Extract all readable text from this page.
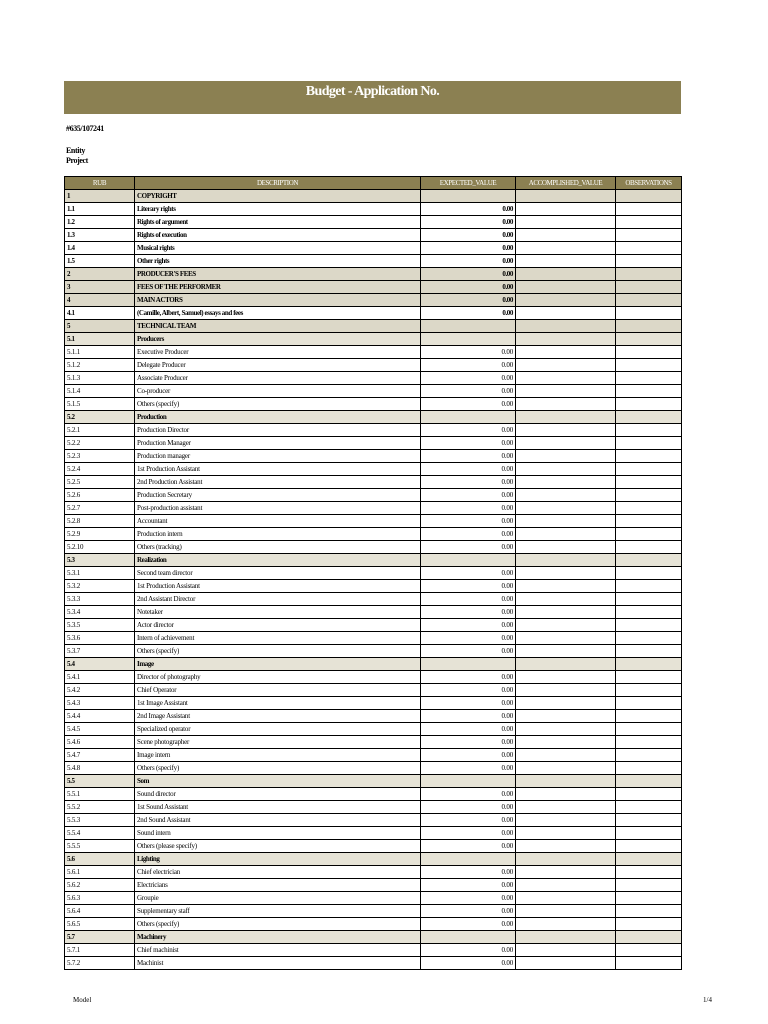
Budget - Application No.
#635/107241
Entity
Project
RUB	DESCRIPTION	EXPECTED_VALUE	ACCOMPLISHED_VALUE	OBSERVATIONS
1	COPYRIGHT			
1.1	Literary rights	0.00		
1.2	Rights of argument	0.00		
1.3	Rights of execution	0.00		
1.4	Musical rights	0.00		
1.5	Other rights	0.00		
2	PRODUCER'S FEES	0.00		
3	FEES OF THE PERFORMER	0.00		
4	MAIN ACTORS	0.00		
4.1	(Camille, Albert, Samuel) essays and fees	0.00		
5	TECHNICAL TEAM			
5.1	Producers			
5.1.1	Executive Producer	0.00		
5.1.2	Delegate Producer	0.00		
5.1.3	Associate Producer	0.00		
5.1.4	Co-producer	0.00		
5.1.5	Others (specify)	0.00		
5.2	Production			
5.2.1	Production Director	0.00		
5.2.2	Production Manager	0.00		
5.2.3	Production manager	0.00		
5.2.4	1st Production Assistant	0.00		
5.2.5	2nd Production Assistant	0.00		
5.2.6	Production Secretary	0.00		
5.2.7	Post-production assistant	0.00		
5.2.8	Accountant	0.00		
5.2.9	Production intern	0.00		
5.2.10	Others (tracking)	0.00		
5.3	Realization			
5.3.1	Second team director	0.00		
5.3.2	1st Production Assistant	0.00		
5.3.3	2nd Assistant Director	0.00		
5.3.4	Notetaker	0.00		
5.3.5	Actor director	0.00		
5.3.6	Intern of achievement	0.00		
5.3.7	Others (specify)	0.00		
5.4	Image			
5.4.1	Director of photography	0.00		
5.4.2	Chief Operator	0.00		
5.4.3	1st Image Assistant	0.00		
5.4.4	2nd Image Assistant	0.00		
5.4.5	Specialized operator	0.00		
5.4.6	Scene photographer	0.00		
5.4.7	Image intern	0.00		
5.4.8	Others (specify)	0.00		
5.5	Som			
5.5.1	Sound director	0.00		
5.5.2	1st Sound Assistant	0.00		
5.5.3	2nd Sound Assistant	0.00		
5.5.4	Sound intern	0.00		
5.5.5	Others (please specify)	0.00		
5.6	Lighting			
5.6.1	Chief electrician	0.00		
5.6.2	Electricians	0.00		
5.6.3	Groupie	0.00		
5.6.4	Supplementary staff	0.00		
5.6.5	Others (specify)	0.00		
5.7	Machinery			
5.7.1	Chief machinist	0.00		
5.7.2	Machinist	0.00		
Model	1/4
